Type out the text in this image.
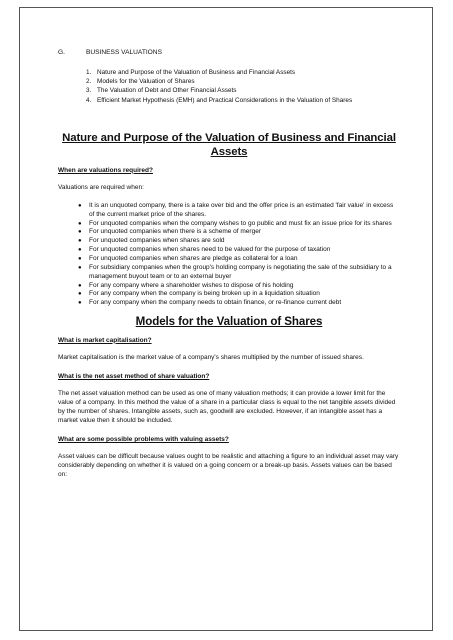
G.	BUSINESS VALUATIONS
1. Nature and Purpose of the Valuation of Business and Financial Assets
2. Models for the Valuation of Shares
3. The Valuation of Debt and Other Financial Assets
4. Efficient Market Hypothesis (EMH) and Practical Considerations in the Valuation of Shares
Nature and Purpose of the Valuation of Business and Financial Assets
When are valuations required?

Valuations are required when:

●	It is an unquoted company, there is a take over bid and the offer price is an estimated 'fair value' in excess of the current market price of the shares.
●	For unquoted companies when the company wishes to go public and must fix an issue price for its shares
●	For unquoted companies when there is a scheme of merger
●	For unquoted companies when shares are sold
●	For unquoted companies when shares need to be valued for the purpose of taxation
●	For unquoted companies when shares are pledge as collateral for a loan
●	For subsidiary companies when the group's holding company is negotiating the sale of the subsidiary to a management buyout team or to an external buyer
●	For any company where a shareholder wishes to dispose of his holding
●	For any company when the company is being broken up in a liquidation situation
●	For any company when the company needs to obtain finance, or re-finance current debt
Models for the Valuation of Shares
What is market capitalisation?

Market capitalisation is the market value of a company's shares multiplied by the number of issued shares.

What is the net asset method of share valuation?

The net asset valuation method can be used as one of many valuation methods; it can provide a lower limit for the value of a company. In this method the value of a share in a particular class is equal to the net tangible assets divided by the number of shares. Intangible assets, such as, goodwill are excluded. However, if an intangible asset has a market value then it should be included.

What are some possible problems with valuing assets?

Asset values can be difficult because values ought to be realistic and attaching a figure to an individual asset may vary considerably depending on whether it is valued on a going concern or a break-up basis. Assets values can be based on:
